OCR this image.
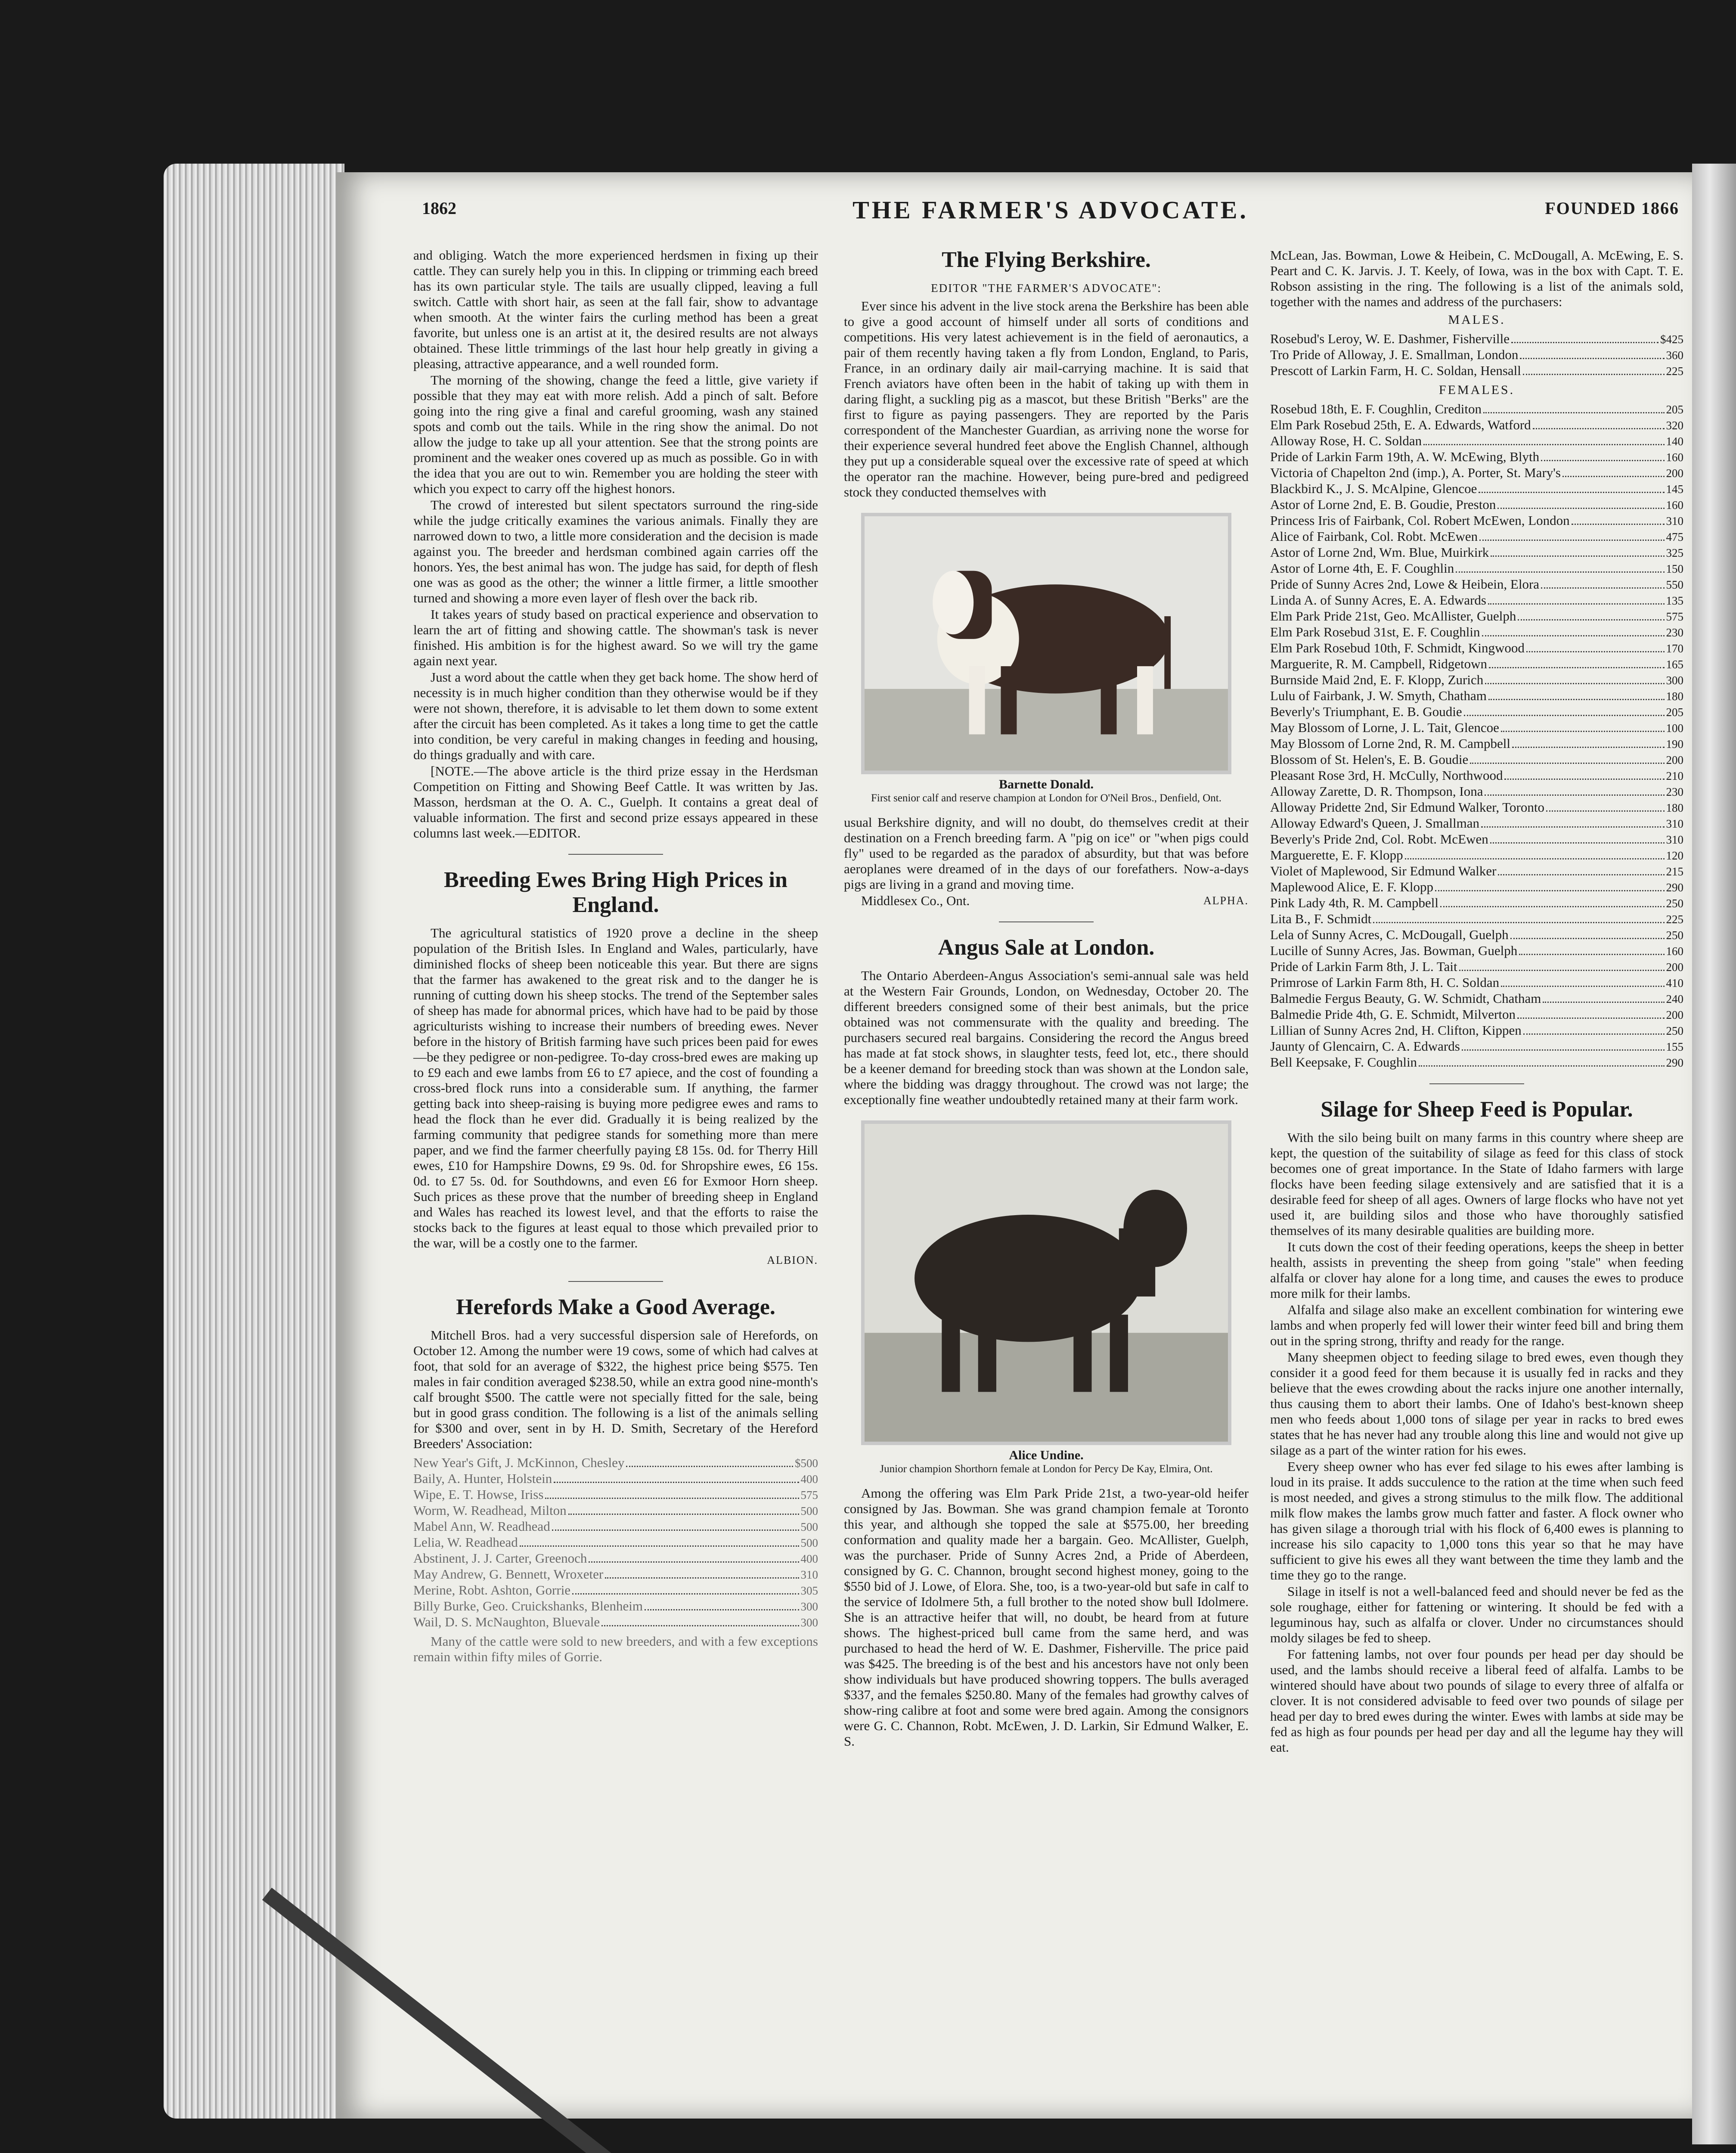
1862	THE FARMER'S ADVOCATE.	FOUNDED 1866

and obliging. Watch the more experienced herdsmen in fixing up their cattle. They can surely help you in this. In clipping or trimming each breed has its own particular style. The tails are usually clipped, leaving a full switch. Cattle with short hair, as seen at the fall fair, show to advantage when smooth. At the winter fairs the curling method has been a great favorite, but unless one is an artist at it, the desired results are not always obtained. These little trimmings of the last hour help greatly in giving a pleasing, attractive appearance, and a well rounded form.

The morning of the showing, change the feed a little, give variety if possible that they may eat with more relish. Add a pinch of salt. Before going into the ring give a final and careful grooming, wash any stained spots and comb out the tails. While in the ring show the animal. Do not allow the judge to take up all your attention. See that the strong points are prominent and the weaker ones covered up as much as possible. Go in with the idea that you are out to win. Remember you are holding the steer with which you expect to carry off the highest honors.

The crowd of interested but silent spectators surround the ring-side while the judge critically examines the various animals. Finally they are narrowed down to two, a little more consideration and the decision is made against you. The breeder and herdsman combined again carries off the honors. Yes, the best animal has won. The judge has said, for depth of flesh one was as good as the other; the winner a little firmer, a little smoother turned and showing a more even layer of flesh over the back rib.

It takes years of study based on practical experience and observation to learn the art of fitting and showing cattle. The showman's task is never finished. His ambition is for the highest award. So we will try the game again next year.

Just a word about the cattle when they get back home. The show herd of necessity is in much higher condition than they otherwise would be if they were not shown, therefore, it is advisable to let them down to some extent after the circuit has been completed. As it takes a long time to get the cattle into condition, be very careful in making changes in feeding and housing, do things gradually and with care.

[NOTE.—The above article is the third prize essay in the Herdsman Competition on Fitting and Showing Beef Cattle. It was written by Jas. Masson, herdsman at the O. A. C., Guelph. It contains a great deal of valuable information. The first and second prize essays appeared in these columns last week.—EDITOR.

Breeding Ewes Bring High Prices in England.

The agricultural statistics of 1920 prove a decline in the sheep population of the British Isles. In England and Wales, particularly, have diminished flocks of sheep been noticeable this year. But there are signs that the farmer has awakened to the great risk and to the danger he is running of cutting down his sheep stocks. The trend of the September sales of sheep has made for abnormal prices, which have had to be paid by those agriculturists wishing to increase their numbers of breeding ewes. Never before in the history of British farming have such prices been paid for ewes—be they pedigree or non-pedigree. To-day cross-bred ewes are making up to £9 each and ewe lambs from £6 to £7 apiece, and the cost of founding a cross-bred flock runs into a considerable sum. If anything, the farmer getting back into sheep-raising is buying more pedigree ewes and rams to head the flock than he ever did. Gradually it is being realized by the farming community that pedigree stands for something more than mere paper, and we find the farmer cheerfully paying £8 15s. 0d. for Therry Hill ewes, £10 for Hampshire Downs, £9 9s. 0d. for Shropshire ewes, £6 15s. 0d. to £7 5s. 0d. for Southdowns, and even £6 for Exmoor Horn sheep. Such prices as these prove that the number of breeding sheep in England and Wales has reached its lowest level, and that the efforts to raise the stocks back to the figures at least equal to those which prevailed prior to the war, will be a costly one to the farmer.

ALBION.
Herefords Make a Good Average.

Mitchell Bros. had a very successful dispersion sale of Herefords, on October 12. Among the number were 19 cows, some of which had calves at foot, that sold for an average of $322, the highest price being $575. Ten males in fair condition averaged $238.50, while an extra good nine-month's calf brought $500. The cattle were not specially fitted for the sale, being but in good grass condition. The following is a list of the animals selling for $300 and over, sent in by H. D. Smith, Secretary of the Hereford Breeders' Association:

New Year's Gift, J. McKinnon, Chesley	$500
Baily, A. Hunter, Holstein	400
Wipe, E. T. Howse, Iriss	575
Worm, W. Readhead, Milton	500
Mabel Ann, W. Readhead	500
Lelia, W. Readhead	500
Abstinent, J. J. Carter, Greenoch	400
May Andrew, G. Bennett, Wroxeter	310
Merine, Robt. Ashton, Gorrie	305
Billy Burke, Geo. Cruickshanks, Blenheim	300
Wail, D. S. McNaughton, Bluevale	300

Many of the cattle were sold to new breeders, and with a few exceptions remain within fifty miles of Gorrie.

The Flying Berkshire.
EDITOR "THE FARMER'S ADVOCATE":

Ever since his advent in the live stock arena the Berkshire has been able to give a good account of himself under all sorts of conditions and competitions. His very latest achievement is in the field of aeronautics, a pair of them recently having taken a fly from London, England, to Paris, France, in an ordinary daily air mail-carrying machine. It is said that French aviators have often been in the habit of taking up with them in daring flight, a suckling pig as a mascot, but these British "Berks" are the first to figure as paying passengers. They are reported by the Paris correspondent of the Manchester Guardian, as arriving none the worse for their experience several hundred feet above the English Channel, although they put up a considerable squeal over the excessive rate of speed at which the operator ran the machine. However, being pure-bred and pedigreed stock they conducted themselves with

Barnette Donald.
First senior calf and reserve champion at London for O'Neil Bros., Denfield, Ont.

usual Berkshire dignity, and will no doubt, do themselves credit at their destination on a French breeding farm. A "pig on ice" or "when pigs could fly" used to be regarded as the paradox of absurdity, but that was before aeroplanes were dreamed of in the days of our forefathers. Now-a-days pigs are living in a grand and moving time.

Middlesex Co., Ont.	ALPHA.
Angus Sale at London.

The Ontario Aberdeen-Angus Association's semi-annual sale was held at the Western Fair Grounds, London, on Wednesday, October 20. The different breeders consigned some of their best animals, but the price obtained was not commensurate with the quality and breeding. The purchasers secured real bargains. Considering the record the Angus breed has made at fat stock shows, in slaughter tests, feed lot, etc., there should be a keener demand for breeding stock than was shown at the London sale, where the bidding was draggy throughout. The crowd was not large; the exceptionally fine weather undoubtedly retained many at their farm work.

Alice Undine.
Junior champion Shorthorn female at London for Percy De Kay, Elmira, Ont.

Among the offering was Elm Park Pride 21st, a two-year-old heifer consigned by Jas. Bowman. She was grand champion female at Toronto this year, and although she topped the sale at $575.00, her breeding conformation and quality made her a bargain. Geo. McAllister, Guelph, was the purchaser. Pride of Sunny Acres 2nd, a Pride of Aberdeen, consigned by G. C. Channon, brought second highest money, going to the $550 bid of J. Lowe, of Elora. She, too, is a two-year-old but safe in calf to the service of Idolmere 5th, a full brother to the noted show bull Idolmere. She is an attractive heifer that will, no doubt, be heard from at future shows. The highest-priced bull came from the same herd, and was purchased to head the herd of W. E. Dashmer, Fisherville. The price paid was $425. The breeding is of the best and his ancestors have not only been show individuals but have produced showring toppers. The bulls averaged $337, and the females $250.80. Many of the females had growthy calves of show-ring calibre at foot and some were bred again. Among the consignors were G. C. Channon, Robt. McEwen, J. D. Larkin, Sir Edmund Walker, E. S.

McLean, Jas. Bowman, Lowe & Heibein, C. McDougall, A. McEwing, E. S. Peart and C. K. Jarvis. J. T. Keely, of Iowa, was in the box with Capt. T. E. Robson assisting in the ring. The following is a list of the animals sold, together with the names and address of the purchasers:

MALES.
Rosebud's Leroy, W. E. Dashmer, Fisherville	$425
Tro Pride of Alloway, J. E. Smallman, London	360
Prescott of Larkin Farm, H. C. Soldan, Hensall	225
FEMALES.
Rosebud 18th, E. F. Coughlin, Crediton	205
Elm Park Rosebud 25th, E. A. Edwards, Watford	320
Alloway Rose, H. C. Soldan	140
Pride of Larkin Farm 19th, A. W. McEwing, Blyth	160
Victoria of Chapelton 2nd (imp.), A. Porter, St. Mary's	200
Blackbird K., J. S. McAlpine, Glencoe	145
Astor of Lorne 2nd, E. B. Goudie, Preston	160
Princess Iris of Fairbank, Col. Robert McEwen, London	310
Alice of Fairbank, Col. Robt. McEwen	475
Astor of Lorne 2nd, Wm. Blue, Muirkirk	325
Astor of Lorne 4th, E. F. Coughlin	150
Pride of Sunny Acres 2nd, Lowe & Heibein, Elora	550
Linda A. of Sunny Acres, E. A. Edwards	135
Elm Park Pride 21st, Geo. McAllister, Guelph	575
Elm Park Rosebud 31st, E. F. Coughlin	230
Elm Park Rosebud 10th, F. Schmidt, Kingwood	170
Marguerite, R. M. Campbell, Ridgetown	165
Burnside Maid 2nd, E. F. Klopp, Zurich	300
Lulu of Fairbank, J. W. Smyth, Chatham	180
Beverly's Triumphant, E. B. Goudie	205
May Blossom of Lorne, J. L. Tait, Glencoe	100
May Blossom of Lorne 2nd, R. M. Campbell	190
Blossom of St. Helen's, E. B. Goudie	200
Pleasant Rose 3rd, H. McCully, Northwood	210
Alloway Zarette, D. R. Thompson, Iona	230
Alloway Pridette 2nd, Sir Edmund Walker, Toronto	180
Alloway Edward's Queen, J. Smallman	310
Beverly's Pride 2nd, Col. Robt. McEwen	310
Marguerette, E. F. Klopp	120
Violet of Maplewood, Sir Edmund Walker	215
Maplewood Alice, E. F. Klopp	290
Pink Lady 4th, R. M. Campbell	250
Lita B., F. Schmidt	225
Lela of Sunny Acres, C. McDougall, Guelph	250
Lucille of Sunny Acres, Jas. Bowman, Guelph	160
Pride of Larkin Farm 8th, J. L. Tait	200
Primrose of Larkin Farm 8th, H. C. Soldan	410
Balmedie Fergus Beauty, G. W. Schmidt, Chatham	240
Balmedie Pride 4th, G. E. Schmidt, Milverton	200
Lillian of Sunny Acres 2nd, H. Clifton, Kippen	250
Jaunty of Glencairn, C. A. Edwards	155
Bell Keepsake, F. Coughlin	290
Silage for Sheep Feed is Popular.

With the silo being built on many farms in this country where sheep are kept, the question of the suitability of silage as feed for this class of stock becomes one of great importance. In the State of Idaho farmers with large flocks have been feeding silage extensively and are satisfied that it is a desirable feed for sheep of all ages. Owners of large flocks who have not yet used it, are building silos and those who have thoroughly satisfied themselves of its many desirable qualities are building more.

It cuts down the cost of their feeding operations, keeps the sheep in better health, assists in preventing the sheep from going "stale" when feeding alfalfa or clover hay alone for a long time, and causes the ewes to produce more milk for their lambs.

Alfalfa and silage also make an excellent combination for wintering ewe lambs and when properly fed will lower their winter feed bill and bring them out in the spring strong, thrifty and ready for the range.

Many sheepmen object to feeding silage to bred ewes, even though they consider it a good feed for them because it is usually fed in racks and they believe that the ewes crowding about the racks injure one another internally, thus causing them to abort their lambs. One of Idaho's best-known sheep men who feeds about 1,000 tons of silage per year in racks to bred ewes states that he has never had any trouble along this line and would not give up silage as a part of the winter ration for his ewes.

Every sheep owner who has ever fed silage to his ewes after lambing is loud in its praise. It adds succulence to the ration at the time when such feed is most needed, and gives a strong stimulus to the milk flow. The additional milk flow makes the lambs grow much fatter and faster. A flock owner who has given silage a thorough trial with his flock of 6,400 ewes is planning to increase his silo capacity to 1,000 tons this year so that he may have sufficient to give his ewes all they want between the time they lamb and the time they go to the range.

Silage in itself is not a well-balanced feed and should never be fed as the sole roughage, either for fattening or wintering. It should be fed with a leguminous hay, such as alfalfa or clover. Under no circumstances should moldy silages be fed to sheep.

For fattening lambs, not over four pounds per head per day should be used, and the lambs should receive a liberal feed of alfalfa. Lambs to be wintered should have about two pounds of silage to every three of alfalfa or clover. It is not considered advisable to feed over two pounds of silage per head per day to bred ewes during the winter. Ewes with lambs at side may be fed as high as four pounds per head per day and all the legume hay they will eat.
